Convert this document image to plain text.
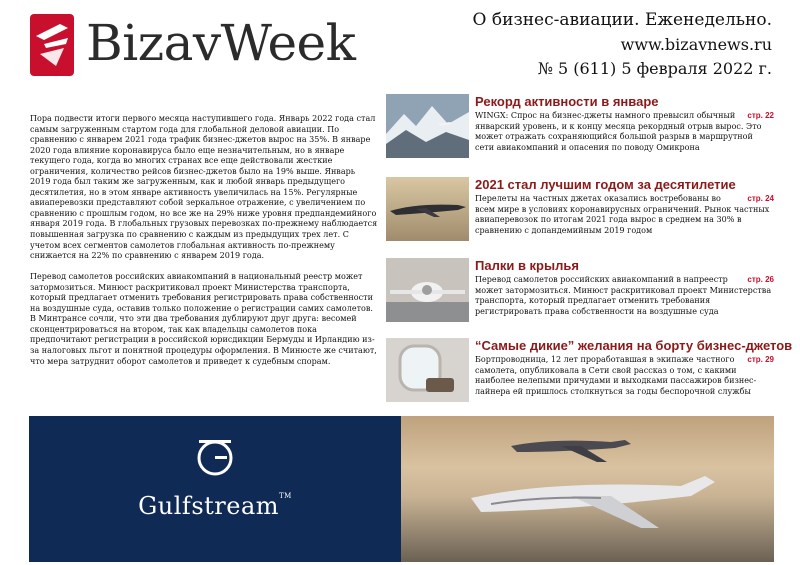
BizavWeek	О бизнес-авиации. Еженедельно.
www.bizavnews.ru
№ 5 (611) 5 февраля 2022 г.

Пора подвести итоги первого месяца наступившего года. Январь 2022 года стал самым загруженным стартом года для глобальной деловой авиации. По сравнению с январем 2021 года трафик бизнес-джетов вырос на 35%. В январе 2020 года влияние коронавируса было еще незначительным, но в январе текущего года, когда во многих странах все еще действовали жесткие ограничения, количество рейсов бизнес-джетов было на 19% выше. Январь 2019 года был таким же загруженным, как и любой январь предыдущего десятилетия, но в этом январе активность увеличилась на 15%. Регулярные авиаперевозки представляют собой зеркальное отражение, с увеличением по сравнению с прошлым годом, но все же на 29% ниже уровня предпандемийного января 2019 года. В глобальных грузовых перевозках по-прежнему наблюдается повышенная загрузка по сравнению с каждым из предыдущих трех лет. С учетом всех сегментов самолетов глобальная активность по-прежнему снижается на 22% по сравнению с январем 2019 года.

Перевод самолетов российских авиакомпаний в национальный реестр может затормозиться. Минюст раскритиковал проект Министерства транспорта, который предлагает отменить требования регистрировать права собственности на воздушные суда, оставив только положение о регистрации самих самолетов. В Минтрансе сочли, что эти два требования дублируют друг друга: весомей сконцентрироваться на втором, так как владельцы самолетов пока предпочитают регистрации в российской юрисдикции Бермуды и Ирландию из-за налоговых льгот и понятной процедуры оформления. В Минюсте же считают, что мера затруднит оборот самолетов и приведет к судебным спорам.

Рекорд активности в январе
стр. 22
WINGX: Спрос на бизнес-джеты намного превысил обычный январский уровень, и к концу месяца рекордный отрыв вырос. Это может отражать сохраняющийся большой разрыв в маршрутной сети авиакомпаний и опасения по поводу Омикрона
2021 стал лучшим годом за десятилетие
стр. 24
Перелеты на частных джетах оказались востребованы во всем мире в условиях коронавирусных ограничений. Рынок частных авиаперевозок по итогам 2021 года вырос в среднем на 30% в сравнению с допандемийным 2019 годом
Палки в крылья
стр. 26
Перевод самолетов российских авиакомпаний в напреестр может затормозиться. Минюст раскритиковал проект Министерства транспорта, который предлагает отменить требования регистрировать права собственности на воздушные суда
“Самые дикие” желания на борту бизнес-джетов
стр. 29
Бортпроводница, 12 лет проработавшая в экипаже частного самолета, опубликовала в Сети свой рассказ о том, с какими наиболее нелепыми причудами и выходками пассажиров бизнес-лайнера ей пришлось столкнуться за годы беспорочной службы
Gulfstream™
